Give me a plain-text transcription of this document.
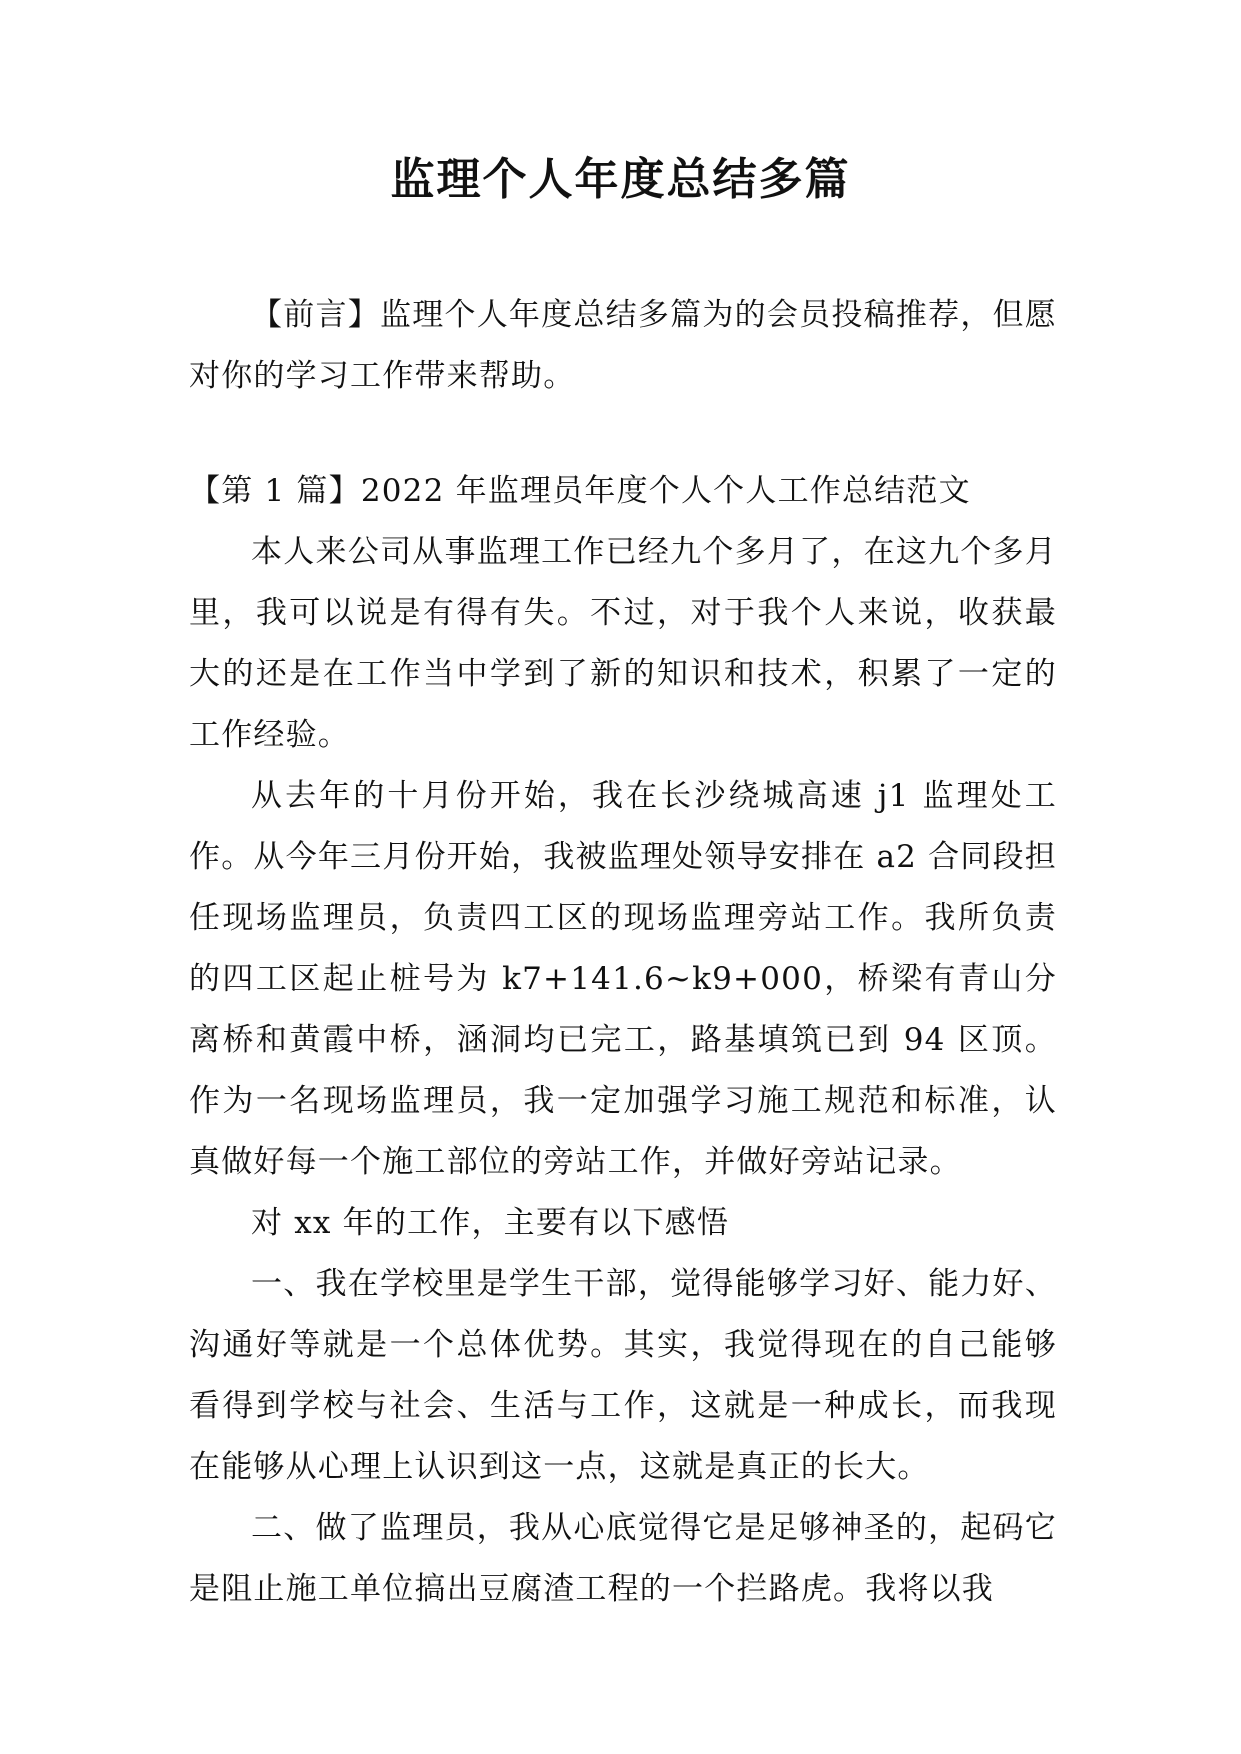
监理个人年度总结多篇

【前言】监理个人年度总结多篇为的会员投稿推荐，但愿对你的学习工作带来帮助。

【第 1 篇】2022 年监理员年度个人个人工作总结范文

本人来公司从事监理工作已经九个多月了，在这九个多月里，我可以说是有得有失。不过，对于我个人来说，收获最大的还是在工作当中学到了新的知识和技术，积累了一定的工作经验。

从去年的十月份开始，我在长沙绕城高速 j1 监理处工作。从今年三月份开始，我被监理处领导安排在 a2 合同段担任现场监理员，负责四工区的现场监理旁站工作。我所负责的四工区起止桩号为 k7+141.6~k9+000，桥梁有青山分离桥和黄霞中桥，涵洞均已完工，路基填筑已到 94 区顶。作为一名现场监理员，我一定加强学习施工规范和标准，认真做好每一个施工部位的旁站工作，并做好旁站记录。

对 xx 年的工作，主要有以下感悟

一、我在学校里是学生干部，觉得能够学习好、能力好、沟通好等就是一个总体优势。其实，我觉得现在的自己能够看得到学校与社会、生活与工作，这就是一种成长，而我现在能够从心理上认识到这一点，这就是真正的长大。

二、做了监理员，我从心底觉得它是足够神圣的，起码它是阻止施工单位搞出豆腐渣工程的一个拦路虎。我将以我
